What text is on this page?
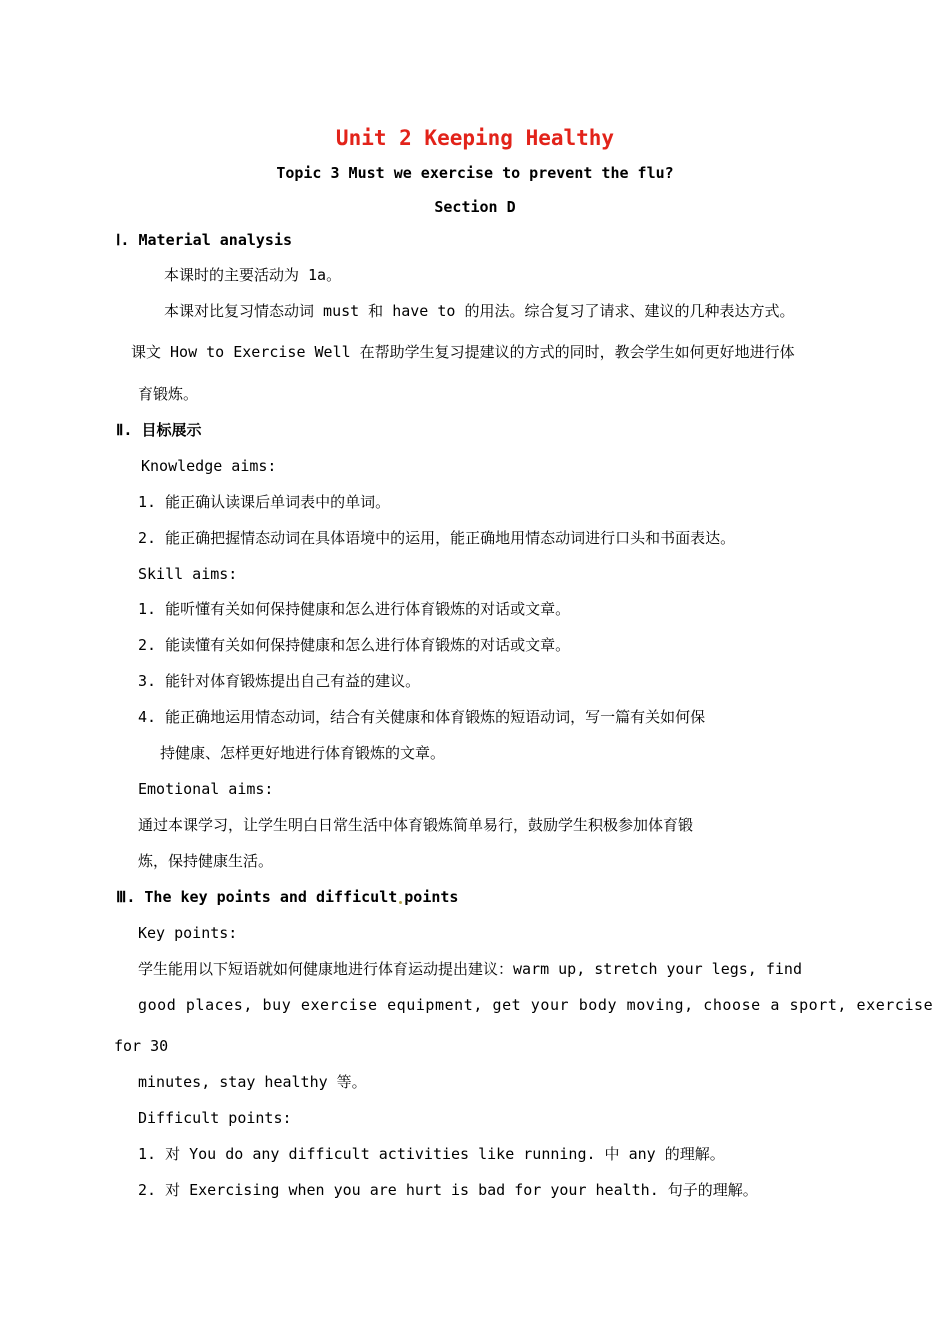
Unit 2 Keeping Healthy
Topic 3 Must we exercise to prevent the flu?
Section D
Ⅰ. Material analysis
本课时的主要活动为 1a。
本课对比复习情态动词 must 和 have to 的用法。综合复习了请求、建议的几种表达方式。
课文 How to Exercise Well 在帮助学生复习提建议的方式的同时，教会学生如何更好地进行体
育锻炼。
Ⅱ. 目标展示
Knowledge aims:
1. 能正确认读课后单词表中的单词。
2. 能正确把握情态动词在具体语境中的运用，能正确地用情态动词进行口头和书面表达。
Skill aims:
1. 能听懂有关如何保持健康和怎么进行体育锻炼的对话或文章。
2. 能读懂有关如何保持健康和怎么进行体育锻炼的对话或文章。
3. 能针对体育锻炼提出自己有益的建议。
4. 能正确地运用情态动词，结合有关健康和体育锻炼的短语动词，写一篇有关如何保
持健康、怎样更好地进行体育锻炼的文章。
Emotional aims:
通过本课学习，让学生明白日常生活中体育锻炼简单易行，鼓励学生积极参加体育锻
炼，保持健康生活。
Ⅲ. The key points and difficult points
Key points:
学生能用以下短语就如何健康地进行体育运动提出建议：warm up, stretch your legs, find
good places, buy exercise equipment, get your body moving, choose a sport, exercise
for 30
minutes, stay healthy 等。
Difficult points:
1. 对 You do any difficult activities like running. 中 any 的理解。
2. 对 Exercising when you are hurt is bad for your health. 句子的理解。
